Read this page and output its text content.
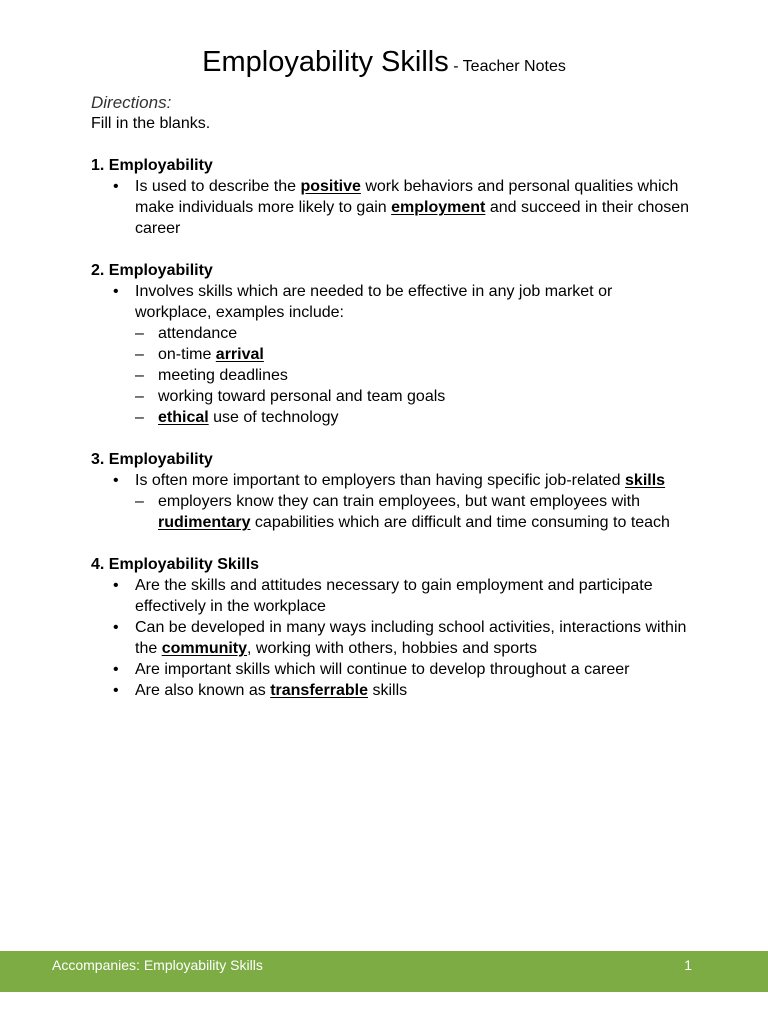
Employability Skills - Teacher Notes
Directions:
Fill in the blanks.
1. Employability
• Is used to describe the positive work behaviors and personal qualities which make individuals more likely to gain employment and succeed in their chosen career
2. Employability
• Involves skills which are needed to be effective in any job market or workplace, examples include:
– attendance
– on-time arrival
– meeting deadlines
– working toward personal and team goals
– ethical use of technology
3. Employability
• Is often more important to employers than having specific job-related skills
– employers know they can train employees, but want employees with rudimentary capabilities which are difficult and time consuming to teach
4. Employability Skills
• Are the skills and attitudes necessary to gain employment and participate effectively in the workplace
• Can be developed in many ways including school activities, interactions within the community, working with others, hobbies and sports
• Are important skills which will continue to develop throughout a career
• Are also known as transferrable skills
Accompanies: Employability Skills	1
